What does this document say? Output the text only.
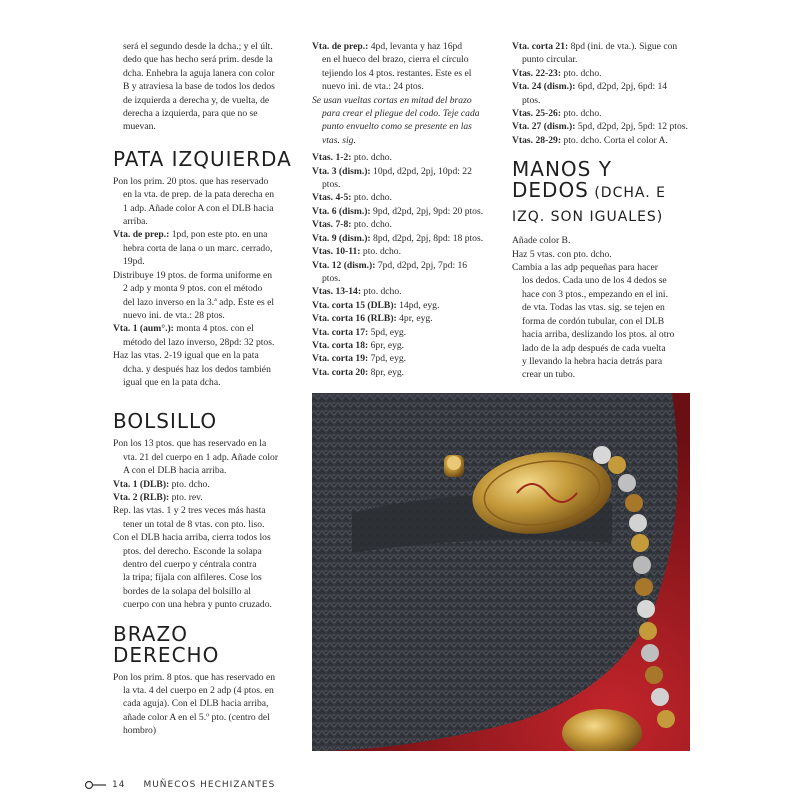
será el segundo desde la dcha.; y el últ.
dedo que has hecho será prim. desde la
dcha. Enhebra la aguja lanera con color
B y atraviesa la base de todos los dedos
de izquierda a derecha y, de vuelta, de
derecha a izquierda, para que no se
muevan.
PATA IZQUIERDA
Pon los prim. 20 ptos. que has reservado
en la vta. de prep. de la pata derecha en
1 adp. Añade color A con el DLB hacia
arriba.
Vta. de prep.: 1pd, pon este pto. en una
hebra corta de lana o un marc. cerrado,
19pd.
Distribuye 19 ptos. de forma uniforme en
2 adp y monta 9 ptos. con el método
del lazo inverso en la 3.ª adp. Este es el
nuevo ini. de vta.: 28 ptos.
Vta. 1 (aum°.): monta 4 ptos. con el
método del lazo inverso, 28pd: 32 ptos.
Haz las vtas. 2-19 igual que en la pata
dcha. y después haz los dedos también
igual que en la pata dcha.
BOLSILLO
Pon los 13 ptos. que has reservado en la
vta. 21 del cuerpo en 1 adp. Añade color
A con el DLB hacia arriba.
Vta. 1 (DLB): pto. dcho.
Vta. 2 (RLB): pto. rev.
Rep. las vtas. 1 y 2 tres veces más hasta
tener un total de 8 vtas. con pto. liso.
Con el DLB hacia arriba, cierra todos los
ptos. del derecho. Esconde la solapa
dentro del cuerpo y céntrala contra
la tripa; fíjala con alfileres. Cose los
bordes de la solapa del bolsillo al
cuerpo con una hebra y punto cruzado.
BRAZO
DERECHO
Pon los prim. 8 ptos. que has reservado en
la vta. 4 del cuerpo en 2 adp (4 ptos. en
cada aguja). Con el DLB hacia arriba,
añade color A en el 5.º pto. (centro del
hombro)
Vta. de prep.: 4pd, levanta y haz 16pd
en el hueco del brazo, cierra el círculo
tejiendo los 4 ptos. restantes. Este es el
nuevo ini. de vta.: 24 ptos.
Se usan vueltas cortas en mitad del brazo
para crear el pliegue del codo. Teje cada
punto envuelto como se presente en las
vtas. sig.
Vtas. 1-2: pto. dcho.
Vta. 3 (dism.): 10pd, d2pd, 2pj, 10pd: 22
ptos.
Vtas. 4-5: pto. dcho.
Vta. 6 (dism.): 9pd, d2pd, 2pj, 9pd: 20 ptos.
Vtas. 7-8: pto. dcho.
Vta. 9 (dism.): 8pd, d2pd, 2pj, 8pd: 18 ptos.
Vtas. 10-11: pto. dcho.
Vta. 12 (dism.): 7pd, d2pd, 2pj, 7pd: 16
ptos.
Vtas. 13-14: pto. dcho.
Vta. corta 15 (DLB): 14pd, eyg.
Vta. corta 16 (RLB): 4pr, eyg.
Vta. corta 17: 5pd, eyg.
Vta. corta 18: 6pr, eyg.
Vta. corta 19: 7pd, eyg.
Vta. corta 20: 8pr, eyg.
Vta. corta 21: 8pd (ini. de vta.). Sigue con
punto circular.
Vtas. 22-23: pto. dcho.
Vta. 24 (dism.): 6pd, d2pd, 2pj, 6pd: 14
ptos.
Vtas. 25-26: pto. dcho.
Vta. 27 (dism.): 5pd, d2pd, 2pj, 5pd: 12 ptos.
Vtas. 28-29: pto. dcho. Corta el color A.
MANOS Y
DEDOS (DCHA. E
IZQ. SON IGUALES)
Añade color B.
Haz 5 vtas. con pto. dcho.
Cambia a las adp pequeñas para hacer
los dedos. Cada uno de los 4 dedos se
hace con 3 ptos., empezando en el ini.
de vta. Todas las vtas. sig. se tejen en
forma de cordón tubular, con el DLB
hacia arriba, deslizando los ptos. al otro
lado de la adp después de cada vuelta
y llevando la hebra hacia detrás para
crear un tubo.
14 MUÑECOS HECHIZANTES
